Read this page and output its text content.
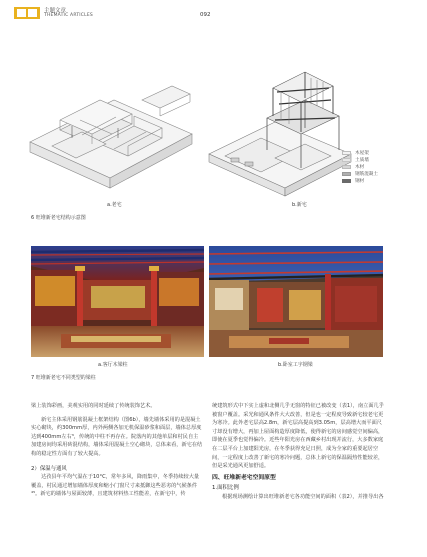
主题文章
THEMATIC ARTICLES	092
木屋架
土质墙
木材
钢筋混凝土
钢材
a.老宅	b.新宅
6 旺堆新老宅结构示意图
a.客厅木梁柱	b.卧室工字钢梁
7 旺堆新老宅不同类型的梁柱

梁上装饰彩画，美观实用的同时延续了传统装饰艺术。

新宅主体采用钢筋混凝土框架结构（图6b），墙先墙体采用的是混凝土实心砌块，约300mm厚，内外两侧各加无机保温砂浆和面层，墙体总厚度达到400mm左右³，传统的中柱不再存在。院落内的其他单层和村民自主加建房间均采用砖混结构，墙体采用混凝土空心砌块，总体来看，新宅在结构的稳定性方面有了较大提高。

2）保温与通风

达孜县年平均气温在于10°C，常年多风，降雨集中，冬季持续较大量覆盖，村民通过增加墙体厚度和缩小门窗尺寸来抵御这些恶劣的气候条件⁴⁵。新宅的墙体与屋面较薄，且建筑材料热工性能差，在新宅中，传

统建筑形式中下实上虚和北侧几乎无窗的特征已被改变（表1），南立面几乎被窗户覆盖。采光和通风条件大大改善，但是也一定程度导致新宅较老宅更为寒冷。此外老宅层高2.8m，新宅层高提高到3.05m，层高增大而平面尺寸却没有增大，再加上屋面构造厚度降低，使得新宅的房间感觉空间偏高，即使在夏季也觉得偏冷。近些年阳光房在西藏乡村出现并流行，大多数家庭在二层平台上加建阳光房，在冬季获得充足日照，成为全家的重要起居空间，一定程度上改善了新宅的寒冷问题，总体上新宅的保温隔热性能较差，但是采光通风更加舒适。

四、旺堆新老宅空间原型
1.面积比例

根据现场测绘计算出旺堆新老宅各功能空间的面积（表2），并推导出各
